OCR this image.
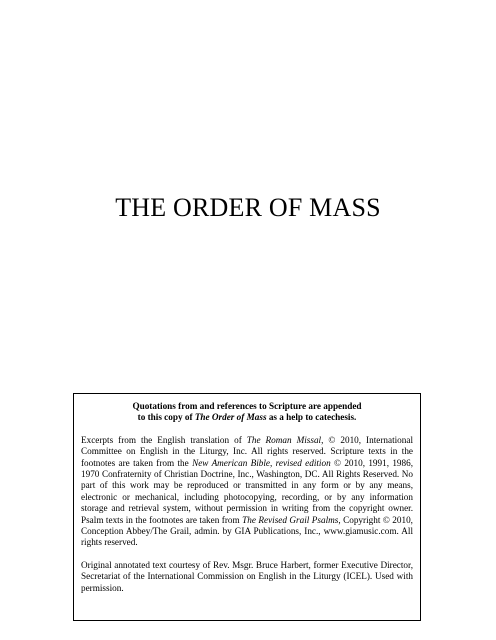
THE ORDER OF MASS

Quotations from and references to Scripture are appended
to this copy of The Order of Mass as a help to catechesis.

Excerpts from the English translation of The Roman Missal, © 2010, International Committee on English in the Liturgy, Inc. All rights reserved. Scripture texts in the footnotes are taken from the New American Bible, revised edition © 2010, 1991, 1986, 1970 Confraternity of Christian Doctrine, Inc., Washington, DC. All Rights Reserved. No part of this work may be reproduced or transmitted in any form or by any means, electronic or mechanical, including photocopying, recording, or by any information storage and retrieval system, without permission in writing from the copyright owner. Psalm texts in the footnotes are taken from The Revised Grail Psalms, Copyright © 2010, Conception Abbey/The Grail, admin. by GIA Publications, Inc., www.giamusic.com. All rights reserved.

Original annotated text courtesy of Rev. Msgr. Bruce Harbert, former Executive Director, Secretariat of the International Commission on English in the Liturgy (ICEL). Used with permission.
